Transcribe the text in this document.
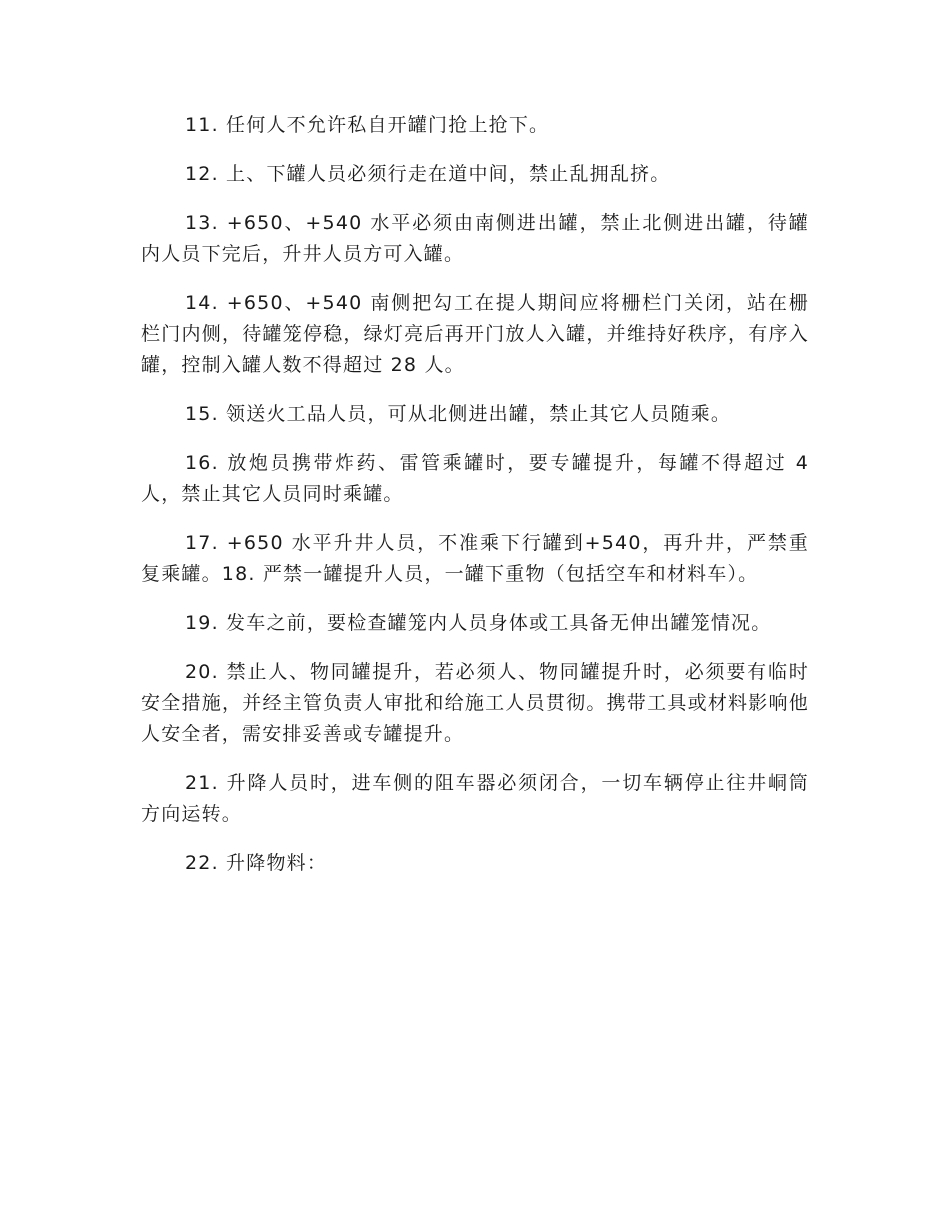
11. 任何人不允许私自开罐门抢上抢下。

12. 上、下罐人员必须行走在道中间，禁止乱拥乱挤。

13. +650、+540 水平必须由南侧进出罐，禁止北侧进出罐，待罐内人员下完后，升井人员方可入罐。

14. +650、+540 南侧把勾工在提人期间应将栅栏门关闭，站在栅栏门内侧，待罐笼停稳，绿灯亮后再开门放人入罐，并维持好秩序，有序入罐，控制入罐人数不得超过 28 人。

15. 领送火工品人员，可从北侧进出罐，禁止其它人员随乘。

16. 放炮员携带炸药、雷管乘罐时，要专罐提升，每罐不得超过 4 人，禁止其它人员同时乘罐。

17. +650 水平升井人员，不准乘下行罐到+540，再升井，严禁重复乘罐。18. 严禁一罐提升人员，一罐下重物（包括空车和材料车）。

19. 发车之前，要检查罐笼内人员身体或工具备无伸出罐笼情况。

20. 禁止人、物同罐提升，若必须人、物同罐提升时，必须要有临时安全措施，并经主管负责人审批和给施工人员贯彻。携带工具或材料影响他人安全者，需安排妥善或专罐提升。

21. 升降人员时，进车侧的阻车器必须闭合，一切车辆停止往井峒筒方向运转。

22. 升降物料：
